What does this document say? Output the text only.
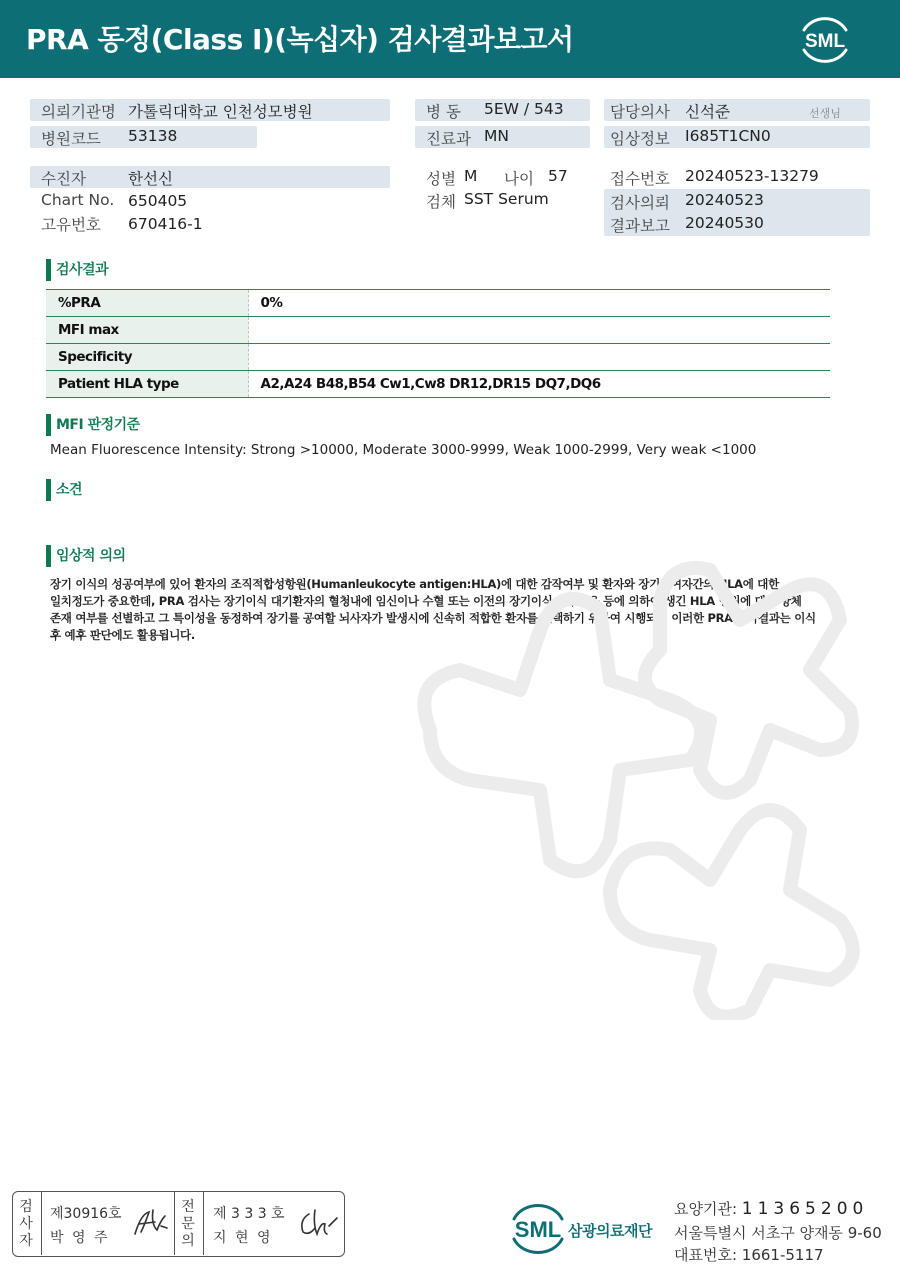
PRA 동정(Class I)(녹십자) 검사결과보고서	SML
의뢰기관명 가톨릭대학교 인천성모병원
병원코드 53138
병 동 5EW / 543
진료과 MN
담당의사 신석준	선생님
임상정보 I685T1CN0
수진자	한선신
Chart No. 650405
고유번호 670416-1
성별 M 나이 57
검체 SST Serum
접수번호 20240523-13279
검사의뢰 20240523
결과보고 20240530
검사결과
%PRA	0%
MFI max	
Specificity	
Patient HLA type	A2,A24 B48,B54 Cw1,Cw8 DR12,DR15 DQ7,DQ6
MFI 판정기준
Mean Fluorescence Intensity: Strong >10000, Moderate 3000-9999, Weak 1000-2999, Very weak <1000
소견
임상적 의의
장기 이식의 성공여부에 있어 환자의 조직적합성항원(Humanleukocyte antigen:HLA)에 대한 감작여부 및 환자와 장기공여자간의 HLA에 대한
일치정도가 중요한데, PRA 검사는 장기이식 대기환자의 혈청내에 임신이나 수혈 또는 이전의 장기이식 거부반응 등에 의하여 생긴 HLA 항원에 대한 항체
존재 여부를 선별하고 그 특이성을 동정하여 장기를 공여할 뇌사자가 발생시에 신속히 적합한 환자를 선택하기 위하여 시행되며 이러한 PRA 검사결과는 이식
후 예후 판단에도 활용됩니다.
검사자
제30916호
박 영 주
전문의
제 3 3 3 호
지 현 영	SML 삼광의료재단
요양기관: 11365200
서울특별시 서초구 양재동 9-60
대표번호: 1661-5117
